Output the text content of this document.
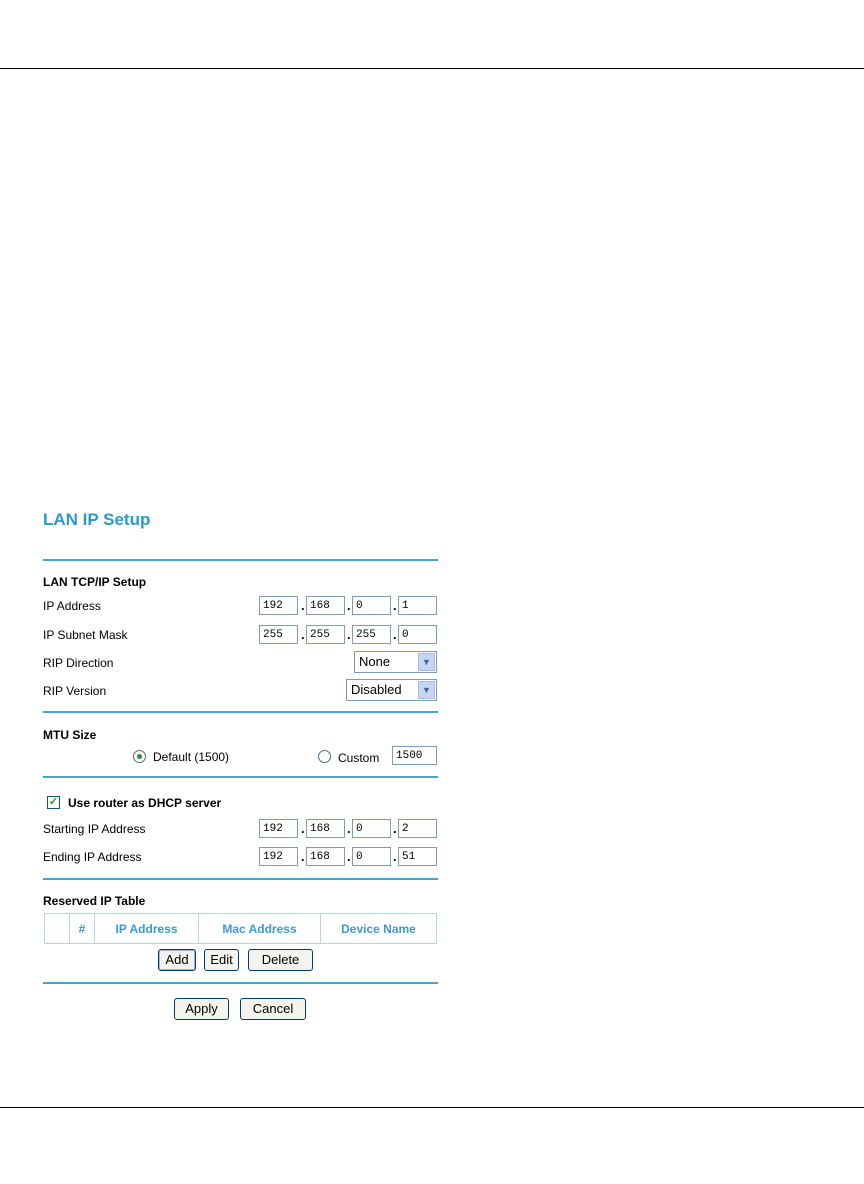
LAN IP Setup
LAN TCP/IP Setup
IP Address	192	. 168	. 0	. 1
IP Subnet Mask	255	. 255	. 255	. 0
RIP Direction	None	▼
RIP Version	Disabled	▼
MTU Size
Default (1500)	Custom	1500
✓ Use router as DHCP server
Starting IP Address	192	. 168	. 0	. 2
Ending IP Address	192	. 168	. 0	. 51
Reserved IP Table
	#	IP Address	Mac Address	Device Name
Add	Edit	Delete
Apply	Cancel
